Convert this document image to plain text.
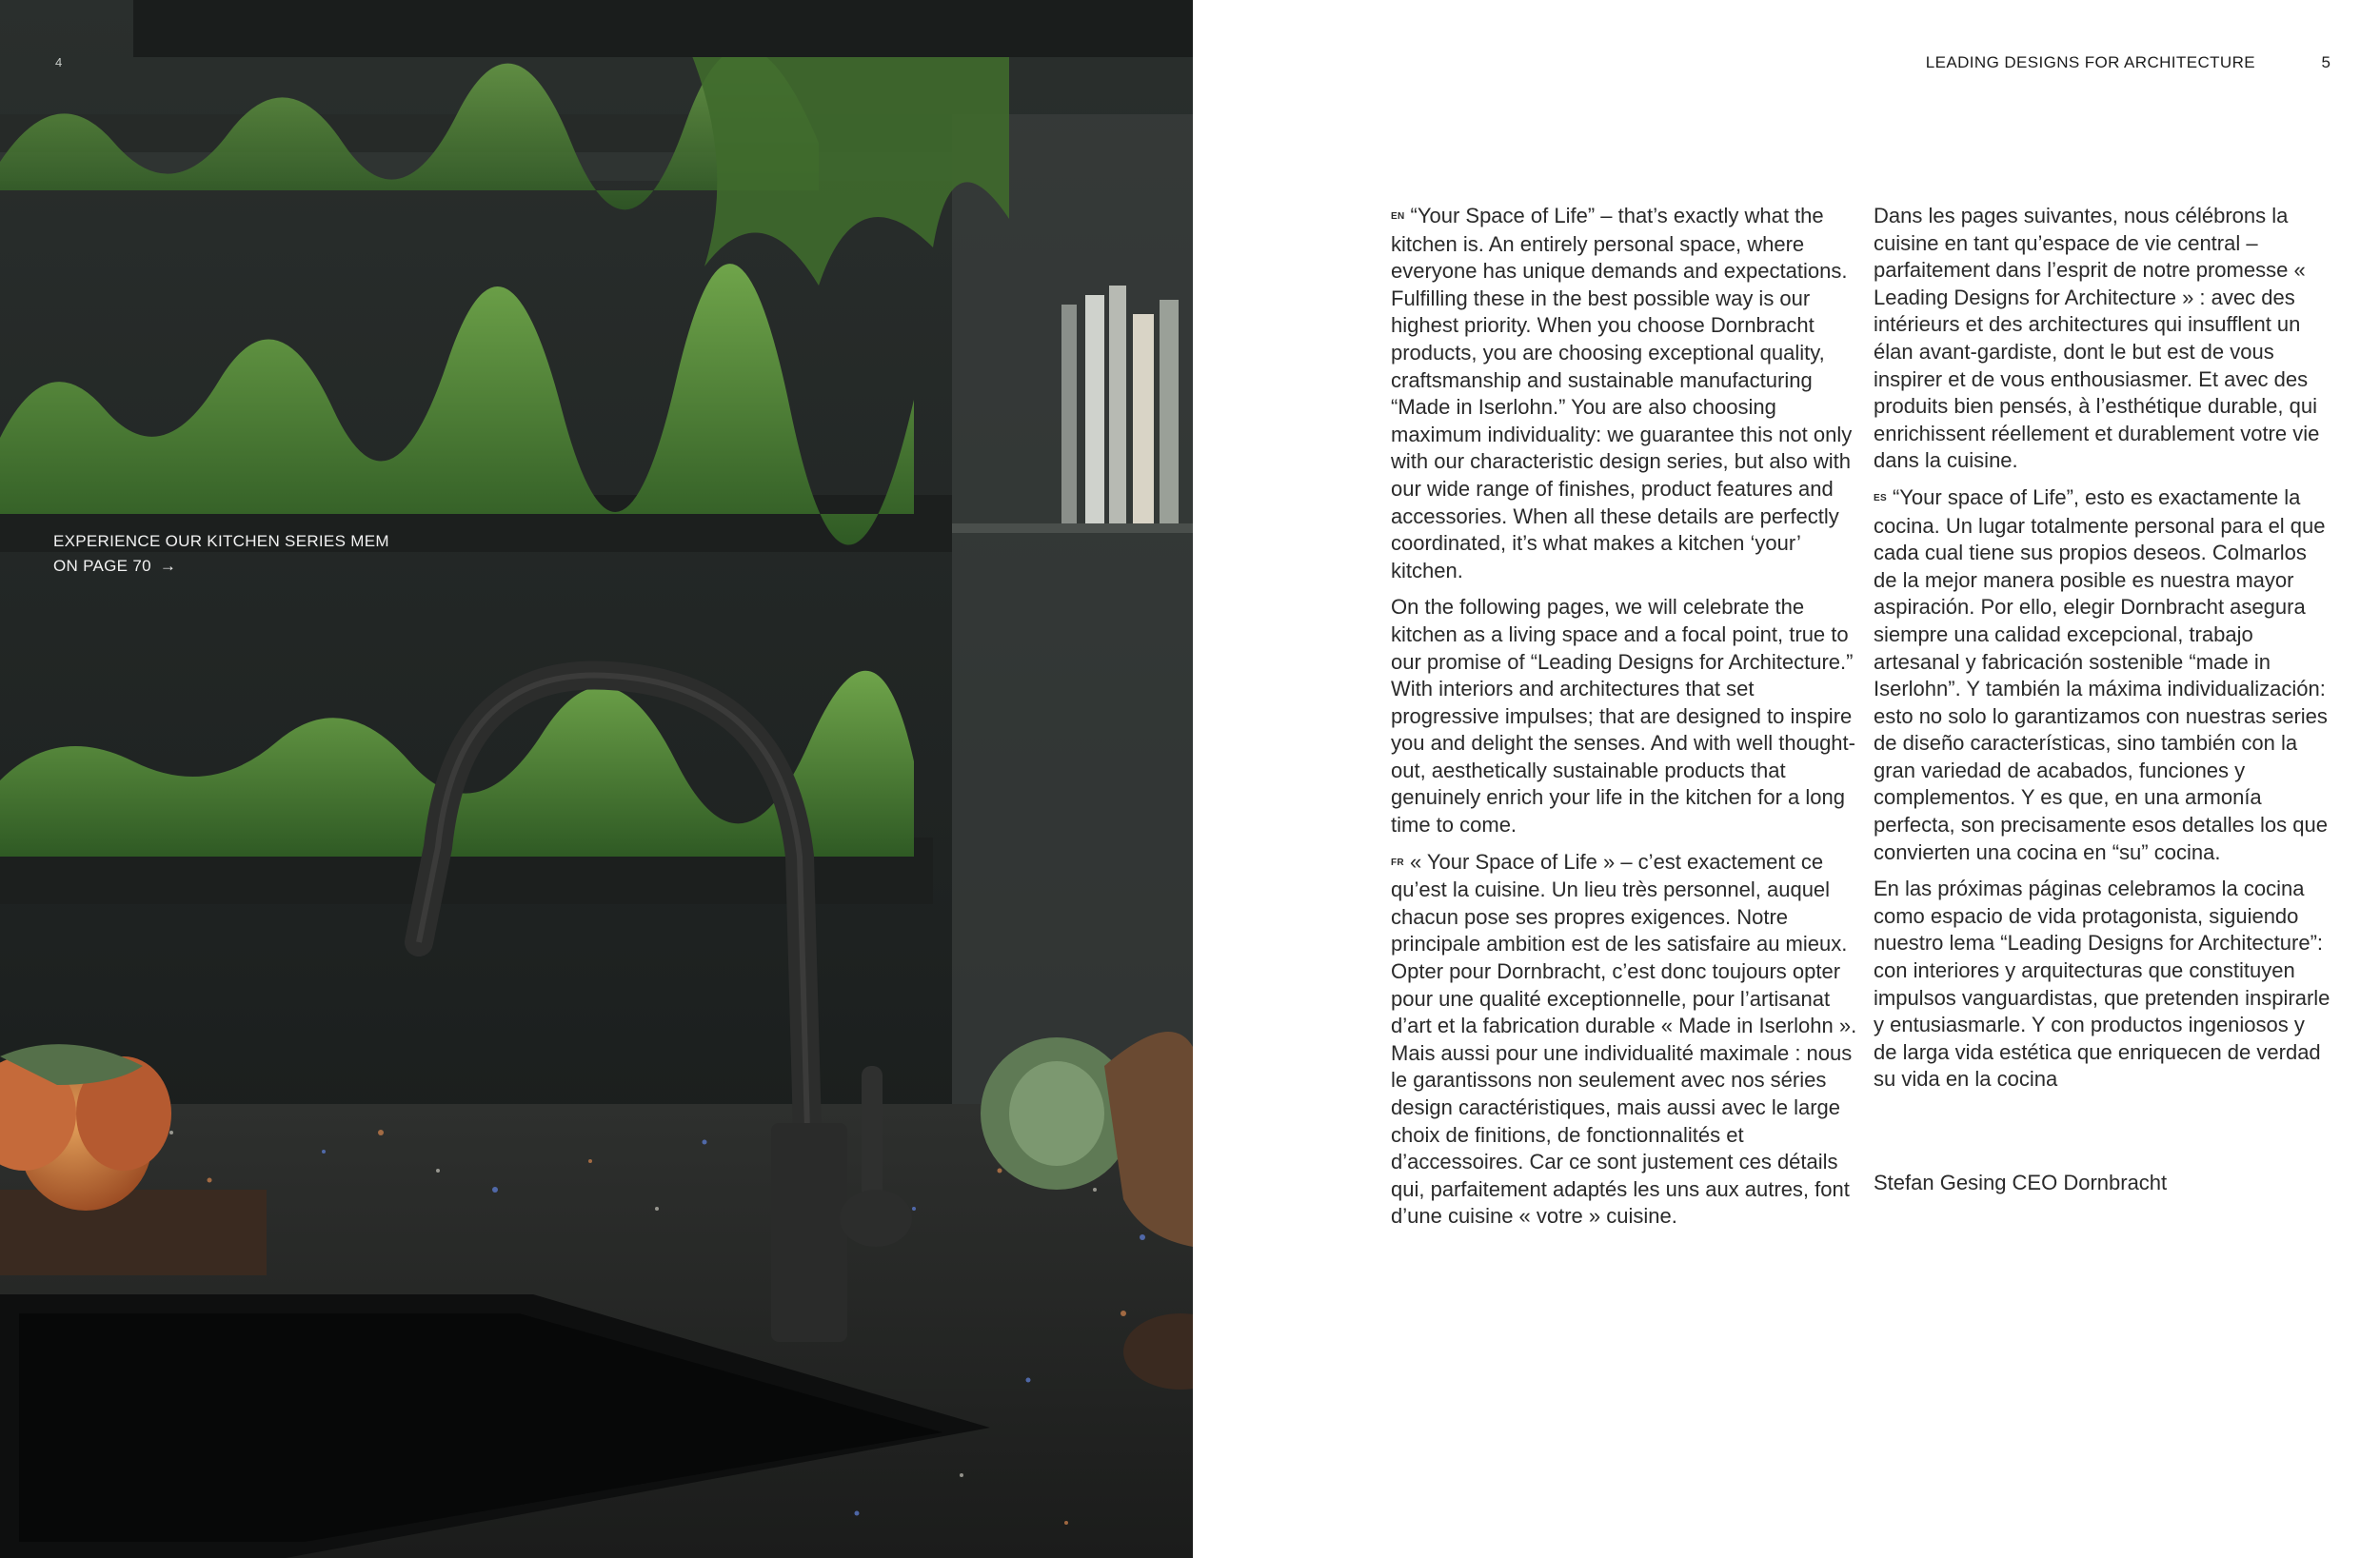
4
EXPERIENCE OUR KITCHEN SERIES MEM
ON PAGE 70 →
LEADING DESIGNS FOR ARCHITECTURE	5

EN “Your Space of Life” – that’s exactly what the kitchen is. An entirely personal space, where everyone has unique demands and expectations. Fulfilling these in the best possible way is our highest priority. When you choose Dornbracht products, you are choosing exceptional quality, craftsmanship and sustainable manufacturing “Made in Iserlohn.” You are also choosing maximum individuality: we guarantee this not only with our characteristic design series, but also with our wide range of finishes, product features and accessories. When all these details are perfectly coordinated, it’s what makes a kitchen ‘your’ kitchen.

On the following pages, we will celebrate the kitchen as a living space and a focal point, true to our promise of “Leading Designs for Architecture.” With interiors and architectures that set progressive impulses; that are designed to inspire you and delight the senses. And with well thought-out, aesthetically sustainable products that genuinely enrich your life in the kitchen for a long time to come.

FR « Your Space of Life » – c’est exactement ce qu’est la cuisine. Un lieu très personnel, auquel chacun pose ses propres exigences. Notre principale ambition est de les satisfaire au mieux. Opter pour Dornbracht, c’est donc toujours opter pour une qualité exceptionnelle, pour l’artisanat d’art et la fabrication durable « Made in Iserlohn ». Mais aussi pour une individualité maximale : nous le garantissons non seulement avec nos séries design caractéristiques, mais aussi avec le large choix de finitions, de fonctionnalités et d’accessoires. Car ce sont justement ces détails qui, parfaitement adaptés les uns aux autres, font d’une cuisine « votre » cuisine.

Dans les pages suivantes, nous célébrons la cuisine en tant qu’espace de vie central – parfaitement dans l’esprit de notre promesse « Leading Designs for Architecture » : avec des intérieurs et des architectures qui insufflent un élan avant-gardiste, dont le but est de vous inspirer et de vous enthousiasmer. Et avec des produits bien pensés, à l’esthétique durable, qui enrichissent réellement et durablement votre vie dans la cuisine.

ES “Your space of Life”, esto es exactamente la cocina. Un lugar totalmente personal para el que cada cual tiene sus propios deseos. Colmarlos de la mejor manera posible es nuestra mayor aspiración. Por ello, elegir Dornbracht asegura siempre una calidad excepcional, trabajo artesanal y fabricación sostenible “made in Iserlohn”. Y también la máxima individualización: esto no solo lo garantizamos con nuestras series de diseño características, sino también con la gran variedad de acabados, funciones y complementos. Y es que, en una armonía perfecta, son precisamente esos detalles los que convierten una cocina en “su” cocina.

En las próximas páginas celebramos la cocina como espacio de vida protagonista, siguiendo nuestro lema “Leading Designs for Architecture”: con interiores y arquitecturas que constituyen impulsos vanguardistas, que pretenden inspirarle y entusiasmarle. Y con productos ingeniosos y de larga vida estética que enriquecen de verdad su vida en la cocina

Stefan Gesing CEO Dornbracht
